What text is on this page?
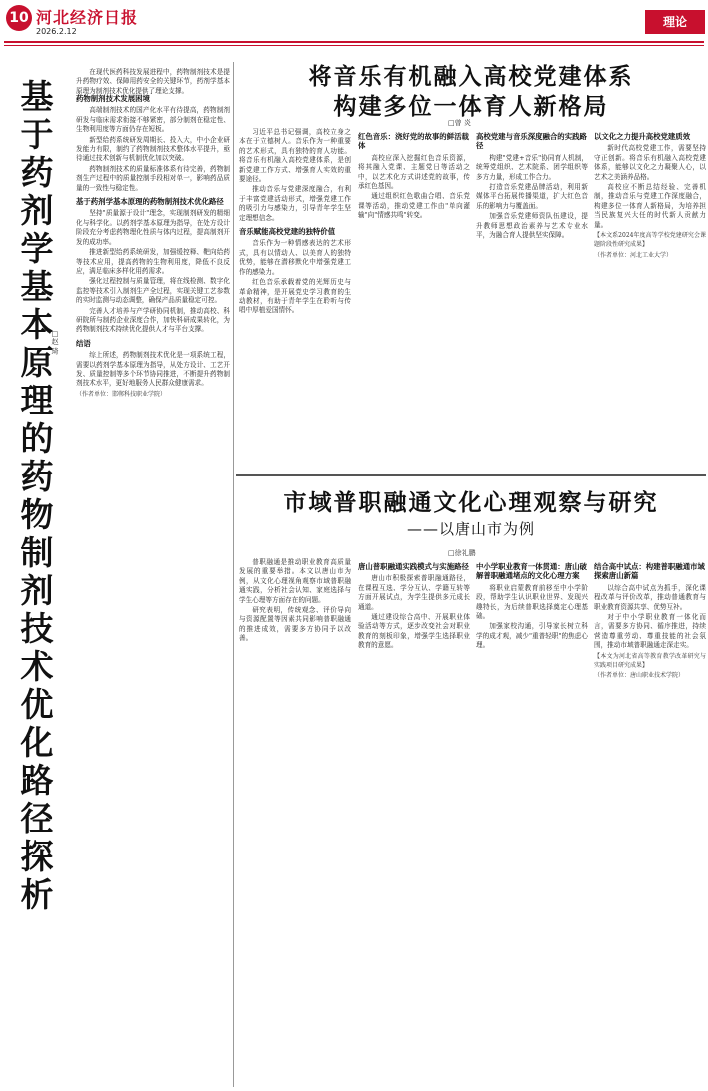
10 河北经济日报
2026.2.12
理论
基
于
药
剂
学
基
本
原
理
的
药
物
制
剂
技
术
优
化
路
径
探
析
□赵 琦

在现代医药科技发展进程中，药物制剂技术是提升药物疗效、保障用药安全的关键环节，药剂学基本原理为制剂技术优化提供了理论支撑。

药物制剂技术发展困境

高端制剂技术的国产化水平有待提高，药物制剂研发与临床需求衔接不够紧密，部分制剂在稳定性、生物利用度等方面仍存在短板。

新型给药系统研发周期长、投入大，中小企业研发能力有限，制约了药物制剂技术整体水平提升，亟待通过技术创新与机制优化加以突破。

药物制剂技术的质量标准体系有待完善，药物制剂生产过程中的质量控制手段相对单一，影响药品质量的一致性与稳定性。

基于药剂学基本原理的药物制剂技术优化路径

坚持"质量源于设计"理念，实现制剂研发的精细化与科学化。以药剂学基本原理为指导，在处方设计阶段充分考虑药物理化性质与体内过程，提高制剂开发的成功率。

推进新型给药系统研发，加强缓控释、靶向给药等技术应用，提高药物的生物利用度，降低不良反应，满足临床多样化用药需求。

强化过程控制与质量管理，将在线检测、数字化监控等技术引入制剂生产全过程，实现关键工艺参数的实时监测与动态调整，确保产品质量稳定可控。

完善人才培养与产学研协同机制，推动高校、科研院所与制药企业深度合作，加快科研成果转化，为药物制剂技术持续优化提供人才与平台支撑。

结语

综上所述，药物制剂技术优化是一项系统工程，需要以药剂学基本原理为指导，从处方设计、工艺开发、质量控制等多个环节协同推进，不断提升药物制剂技术水平，更好地服务人民群众健康需求。

（作者单位：邯郸科技职业学院）

将音乐有机融入高校党建体系
构建多位一体育人新格局
□曾 炎

习近平总书记强调，高校立身之本在于立德树人。音乐作为一种重要的艺术形式，具有独特的育人功能。将音乐有机融入高校党建体系，是创新党建工作方式、增强育人实效的重要途径。

推动音乐与党建深度融合，有利于丰富党建活动形式，增强党建工作的吸引力与感染力，引导青年学生坚定理想信念。

音乐赋能高校党建的独特价值

音乐作为一种情感表达的艺术形式，具有以情动人、以美育人的独特优势，能够在潜移默化中增强党建工作的感染力。

红色音乐承载着党的光辉历史与革命精神，是开展党史学习教育的生动教材，有助于青年学生在聆听与传唱中厚植爱国情怀。

红色音乐：浇好党的故事的鲜活载体

高校应深入挖掘红色音乐资源，将其融入党课、主题党日等活动之中，以艺术化方式讲述党的故事，传承红色基因。

通过组织红色歌曲合唱、音乐党课等活动，推动党建工作由"单向灌输"向"情感共鸣"转变。

高校党建与音乐深度融合的实践路径

构建"党建+音乐"协同育人机制，统筹党组织、艺术院系、团学组织等多方力量，形成工作合力。

打造音乐党建品牌活动，利用新媒体平台拓展传播渠道，扩大红色音乐的影响力与覆盖面。

加强音乐党建师资队伍建设，提升教师思想政治素养与艺术专业水平，为融合育人提供坚实保障。

以文化之力提升高校党建质效

新时代高校党建工作，需要坚持守正创新。将音乐有机融入高校党建体系，能够以文化之力凝聚人心，以艺术之美涵养品格。

高校应不断总结经验、完善机制，推动音乐与党建工作深度融合，构建多位一体育人新格局，为培养担当民族复兴大任的时代新人贡献力量。

【本文系2024年度高等学校党建研究会课题阶段性研究成果】

（作者单位：河北工业大学）

市域普职融通文化心理观察与研究
——以唐山市为例
□徐礼鹏

普职融通是推动职业教育高质量发展的重要举措。本文以唐山市为例，从文化心理视角观察市域普职融通实践，分析社会认知、家庭选择与学生心理等方面存在的问题。

研究表明，传统观念、评价导向与资源配置等因素共同影响普职融通的推进成效，需要多方协同予以改善。

唐山普职融通实践模式与实施路径

唐山市积极探索普职融通路径，在课程互选、学分互认、学籍互转等方面开展试点，为学生提供多元成长通道。

通过建设综合高中、开展职业体验活动等方式，逐步改变社会对职业教育的刻板印象，增强学生选择职业教育的意愿。

中小学职业教育一体贯通：唐山破解普职融通堵点的文化心理方案

将职业启蒙教育前移至中小学阶段，帮助学生认识职业世界、发现兴趣特长，为后续普职选择奠定心理基础。

加强家校沟通，引导家长树立科学的成才观，减少"重普轻职"的焦虑心理。

结合高中试点：构建普职融通市域探索唐山新篇

以综合高中试点为抓手，深化课程改革与评价改革，推动普通教育与职业教育资源共享、优势互补。

对于中小学职业教育一体化而言，需要多方协同、循序推进，持续营造尊重劳动、尊重技能的社会氛围，推动市域普职融通走深走实。

【本文为河北省高等教育教学改革研究与实践项目研究成果】

（作者单位：唐山职业技术学院）
